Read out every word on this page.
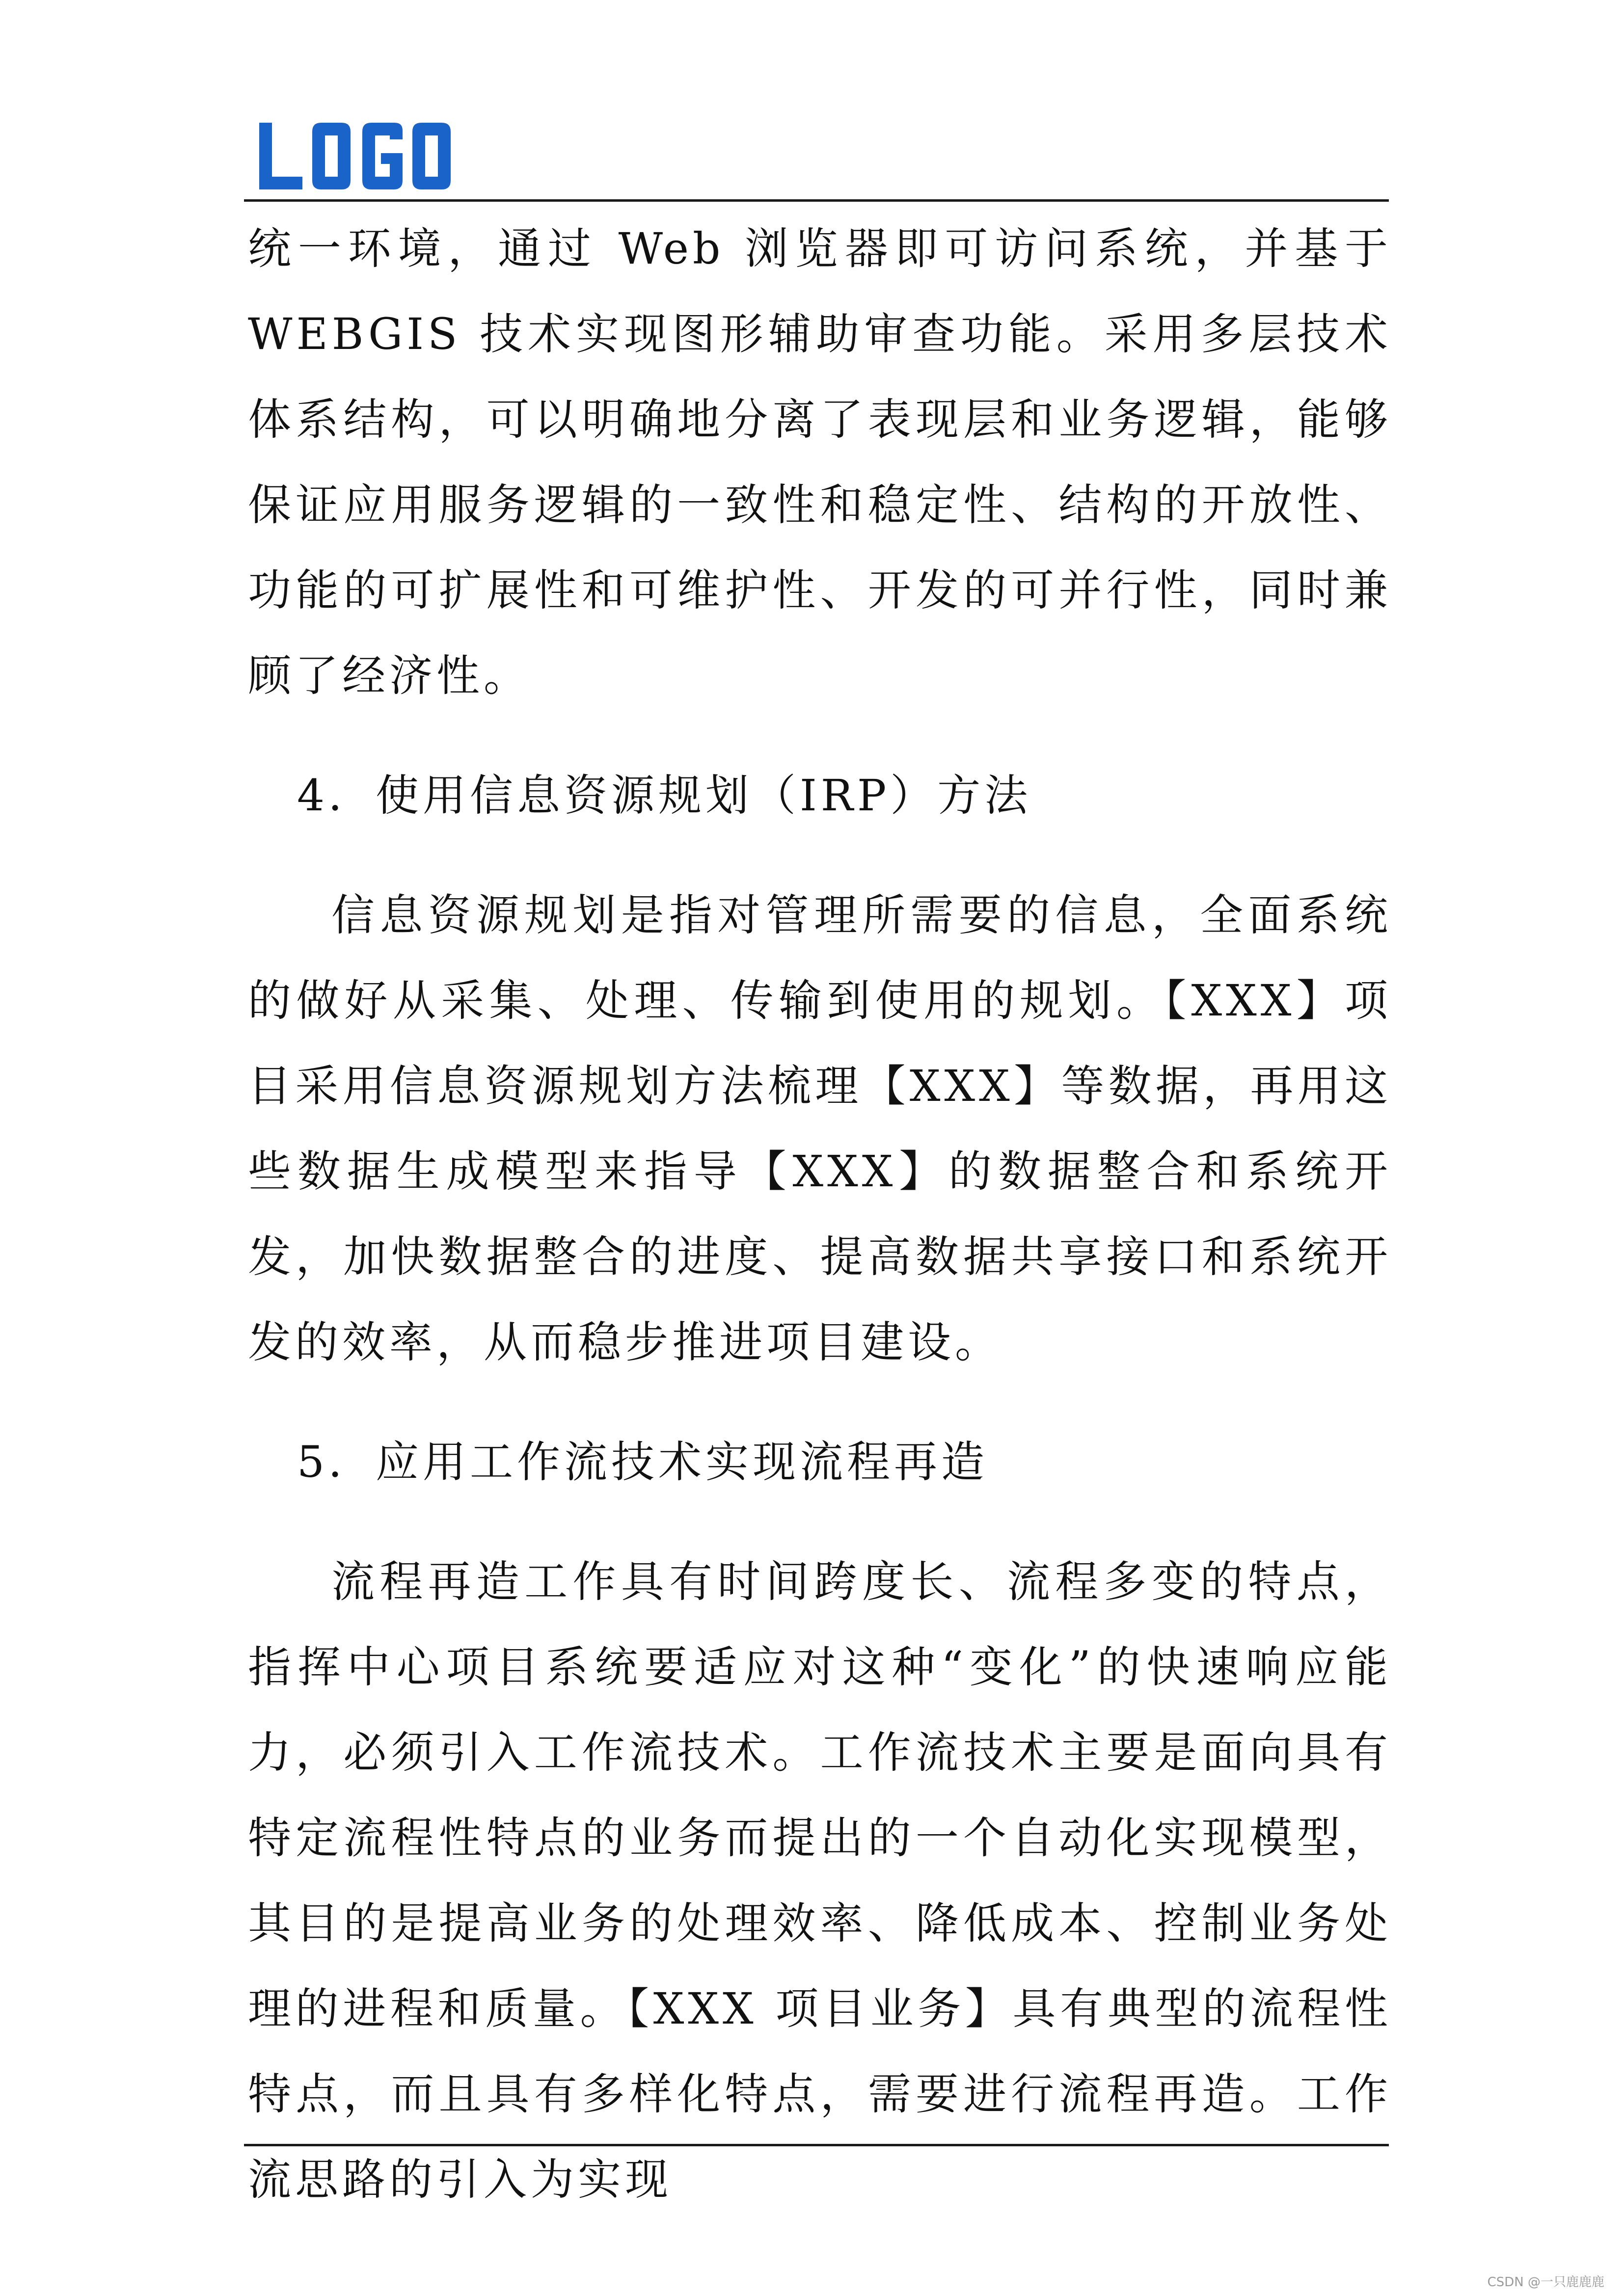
统一环境，通过 Web 浏览器即可访问系统，并基于 WEBGIS 技术实现图形辅助审查功能。采用多层技术体系结构，可以明确地分离了表现层和业务逻辑，能够保证应用服务逻辑的一致性和稳定性、结构的开放性、功能的可扩展性和可维护性、开发的可并行性，同时兼顾了经济性。

4．使用信息资源规划（IRP）方法

信息资源规划是指对管理所需要的信息，全面系统的做好从采集、处理、传输到使用的规划。【XXX】项目采用信息资源规划方法梳理【XXX】等数据，再用这些数据生成模型来指导【XXX】的数据整合和系统开发，加快数据整合的进度、提高数据共享接口和系统开发的效率，从而稳步推进项目建设。

5．应用工作流技术实现流程再造

流程再造工作具有时间跨度长、流程多变的特点，指挥中心项目系统要适应对这种“变化”的快速响应能力，必须引入工作流技术。工作流技术主要是面向具有特定流程性特点的业务而提出的一个自动化实现模型，其目的是提高业务的处理效率、降低成本、控制业务处理的进程和质量。【XXX 项目业务】具有典型的流程性特点，而且具有多样化特点，需要进行流程再造。工作流思路的引入为实现

CSDN @一只鹿鹿鹿
